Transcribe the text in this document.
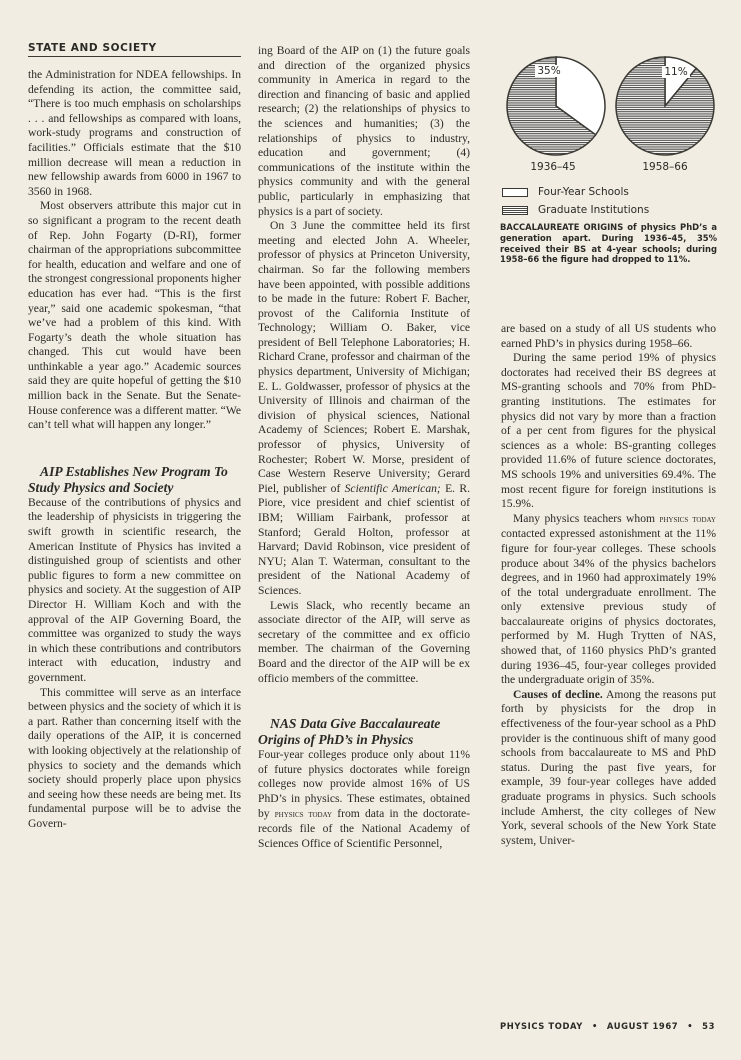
STATE AND SOCIETY

the Administration for NDEA fellowships. In defending its action, the committee said, “There is too much emphasis on scholarships . . . and fellowships as compared with loans, work-study programs and construction of facilities.” Officials estimate that the $10 million decrease will mean a reduction in new fellowship awards from 6000 in 1967 to 3560 in 1968.

Most observers attribute this major cut in so significant a program to the recent death of Rep. John Fogarty (D-RI), former chairman of the appropriations subcommittee for health, education and welfare and one of the strongest congressional proponents higher education has ever had. “This is the first year,” said one academic spokesman, “that we’ve had a problem of this kind. With Fogarty’s death the whole situation has changed. This cut would have been unthinkable a year ago.” Academic sources said they are quite hopeful of getting the $10 million back in the Senate. But the Senate-House conference was a different matter. “We can’t tell what will happen any longer.”

AIP Establishes New Program To Study Physics and Society

Because of the contributions of physics and the leadership of physicists in triggering the swift growth in scientific research, the American Institute of Physics has invited a distinguished group of scientists and other public figures to form a new committee on physics and society. At the suggestion of AIP Director H. William Koch and with the approval of the AIP Governing Board, the committee was organized to study the ways in which these contributions and contributors interact with education, industry and government.

This committee will serve as an interface between physics and the society of which it is a part. Rather than concerning itself with the daily operations of the AIP, it is concerned with looking objectively at the relationship of physics to society and the demands which society should properly place upon physics and seeing how these needs are being met. Its fundamental purpose will be to advise the Govern-

ing Board of the AIP on (1) the future goals and direction of the organized physics community in America in regard to the direction and financing of basic and applied research; (2) the relationships of physics to the sciences and humanities; (3) the relationships of physics to industry, education and government; (4) communications of the institute within the physics community and with the general public, particularly in emphasizing that physics is a part of society.

On 3 June the committee held its first meeting and elected John A. Wheeler, professor of physics at Princeton University, chairman. So far the following members have been appointed, with possible additions to be made in the future: Robert F. Bacher, provost of the California Institute of Technology; William O. Baker, vice president of Bell Telephone Laboratories; H. Richard Crane, professor and chairman of the physics department, University of Michigan; E. L. Goldwasser, professor of physics at the University of Illinois and chairman of the division of physical sciences, National Academy of Sciences; Robert E. Marshak, professor of physics, University of Rochester; Robert W. Morse, president of Case Western Reserve University; Gerard Piel, publisher of Scientific American; E. R. Piore, vice president and chief scientist of IBM; William Fairbank, professor at Stanford; Gerald Holton, professor at Harvard; David Robinson, vice president of NYU; Alan T. Waterman, consultant to the president of the National Academy of Sciences.

Lewis Slack, who recently became an associate director of the AIP, will serve as secretary of the committee and ex officio member. The chairman of the Governing Board and the director of the AIP will be ex officio members of the committee.

NAS Data Give Baccalaureate Origins of PhD’s in Physics

Four-year colleges produce only about 11% of future physics doctorates while foreign colleges now provide almost 16% of US PhD’s in physics. These estimates, obtained by physics today from data in the doctorate-records file of the National Academy of Sciences Office of Scientific Personnel,

35%
1936–45
11%
1958–66
Four-Year Schools
Graduate Institutions
BACCALAUREATE ORIGINS of physics PhD’s a generation apart. During 1936–45, 35% received their BS at 4-year schools; during 1958–66 the figure had dropped to 11%.

are based on a study of all US students who earned PhD’s in physics during 1958–66.

During the same period 19% of physics doctorates had received their BS degrees at MS-granting schools and 70% from PhD-granting institutions. The estimates for physics did not vary by more than a fraction of a per cent from figures for the physical sciences as a whole: BS-granting colleges provided 11.6% of future science doctorates, MS schools 19% and universities 69.4%. The most recent figure for foreign institutions is 15.9%.

Many physics teachers whom physics today contacted expressed astonishment at the 11% figure for four-year colleges. These schools produce about 34% of the physics bachelors degrees, and in 1960 had approximately 19% of the total undergraduate enrollment. The only extensive previous study of baccalaureate origins of physics doctorates, performed by M. Hugh Trytten of NAS, showed that, of 1160 physics PhD’s granted during 1936–45, four-year colleges provided the undergraduate origin of 35%.

Causes of decline. Among the reasons put forth by physicists for the drop in effectiveness of the four-year school as a PhD provider is the continuous shift of many good schools from baccalaureate to MS and PhD status. During the past five years, for example, 39 four-year colleges have added graduate programs in physics. Such schools include Amherst, the city colleges of New York, several schools of the New York State system, Univer-

PHYSICS TODAY • AUGUST 1967 • 53
